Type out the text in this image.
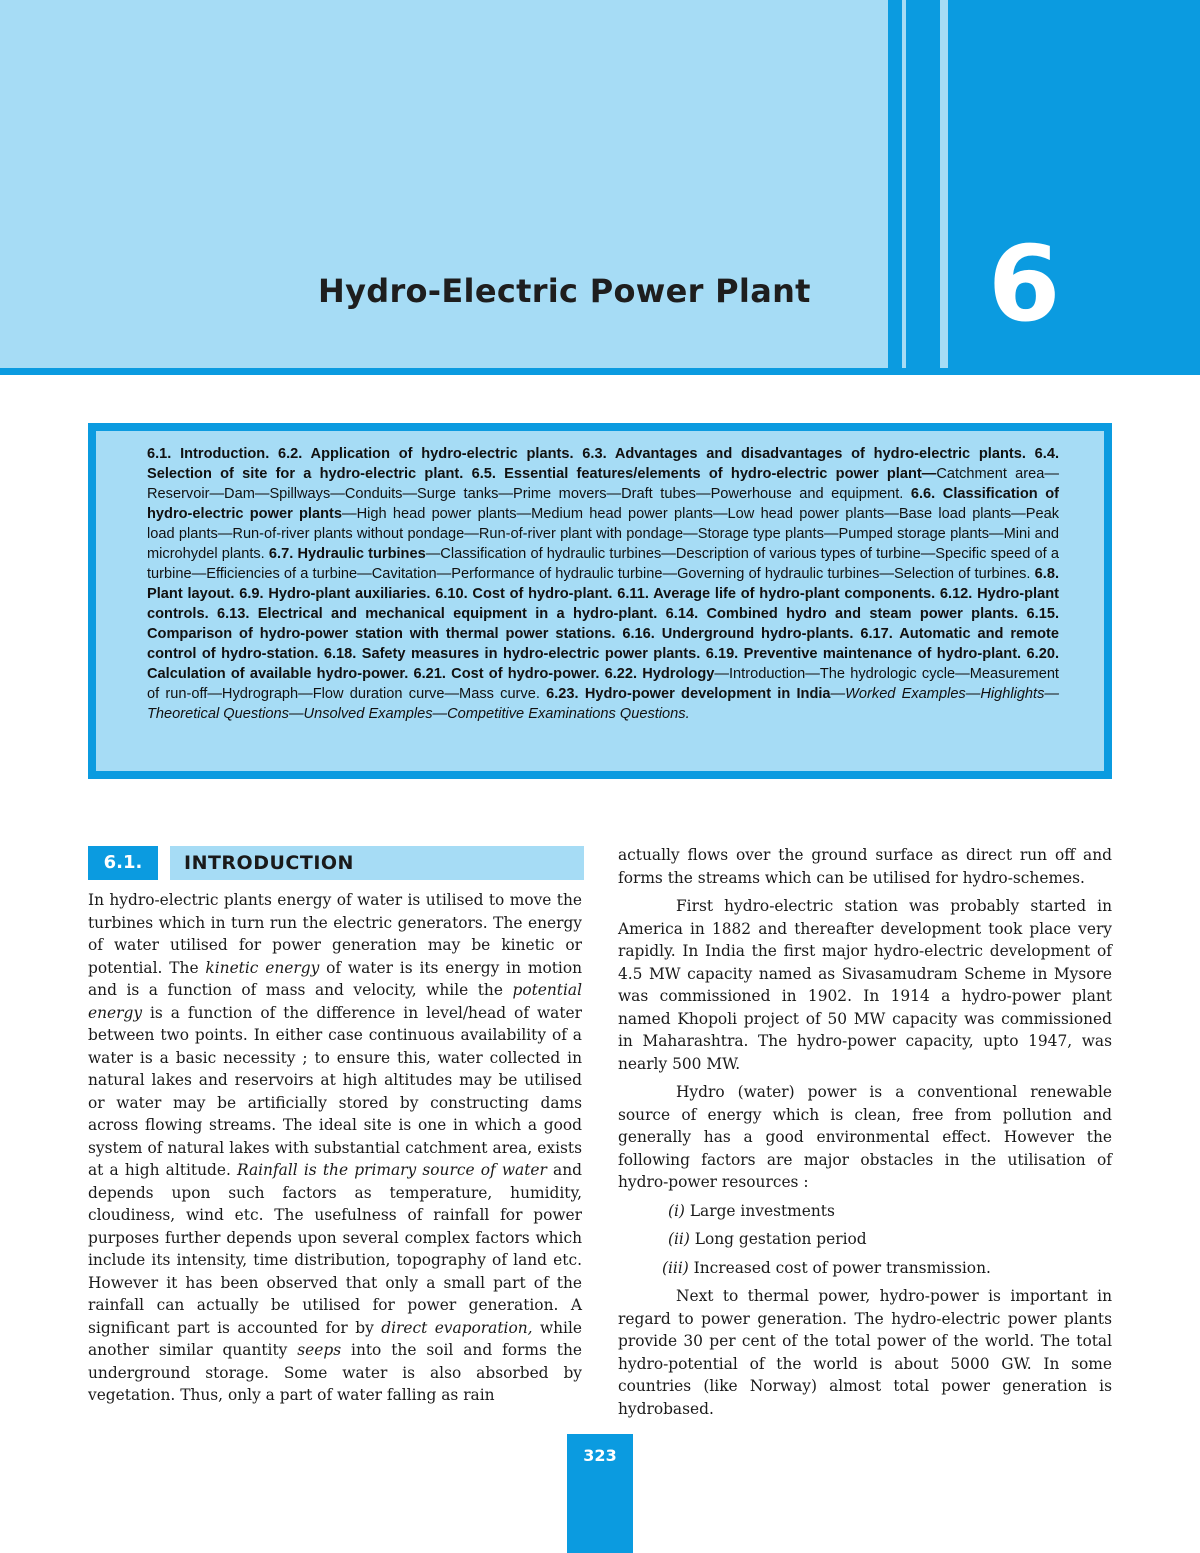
Hydro-Electric Power Plant	6
6.1. Introduction. 6.2. Application of hydro-electric plants. 6.3. Advantages and disadvantages of hydro-electric plants. 6.4. Selection of site for a hydro-electric plant. 6.5. Essential features/elements of hydro-electric power plant—Catchment area—Reservoir—Dam—Spillways—Conduits—Surge tanks—Prime movers—Draft tubes—Powerhouse and equipment. 6.6. Classification of hydro-electric power plants—High head power plants—Medium head power plants—Low head power plants—Base load plants—Peak load plants—Run-of-river plants without pondage—Run-of-river plant with pondage—Storage type plants—Pumped storage plants—Mini and microhydel plants. 6.7. Hydraulic turbines—Classification of hydraulic turbines—Description of various types of turbine—Specific speed of a turbine—Efficiencies of a turbine—Cavitation—Performance of hydraulic turbine—Governing of hydraulic turbines—Selection of turbines. 6.8. Plant layout. 6.9. Hydro-plant auxiliaries. 6.10. Cost of hydro-plant. 6.11. Average life of hydro-plant components. 6.12. Hydro-plant controls. 6.13. Electrical and mechanical equipment in a hydro-plant. 6.14. Combined hydro and steam power plants. 6.15. Comparison of hydro-power station with thermal power stations. 6.16. Underground hydro-plants. 6.17. Automatic and remote control of hydro-station. 6.18. Safety measures in hydro-electric power plants. 6.19. Preventive maintenance of hydro-plant. 6.20. Calculation of available hydro-power. 6.21. Cost of hydro-power. 6.22. Hydrology—Introduction—The hydrologic cycle—Measurement of run-off—Hydrograph—Flow duration curve—Mass curve. 6.23. Hydro-power development in India—Worked Examples—Highlights—Theoretical Questions—Unsolved Examples—Competitive Examinations Questions.
6.1.	INTRODUCTION

In hydro-electric plants energy of water is utilised to move the turbines which in turn run the electric generators. The energy of water utilised for power generation may be kinetic or potential. The kinetic energy of water is its energy in motion and is a function of mass and velocity, while the potential energy is a function of the difference in level/head of water between two points. In either case continuous availability of a water is a basic necessity ; to ensure this, water collected in natural lakes and reservoirs at high altitudes may be utilised or water may be artificially stored by constructing dams across flowing streams. The ideal site is one in which a good system of natural lakes with substantial catchment area, exists at a high altitude. Rainfall is the primary source of water and depends upon such factors as temperature, humidity, cloudiness, wind etc. The usefulness of rainfall for power purposes further depends upon several complex factors which include its intensity, time distribution, topography of land etc. However it has been observed that only a small part of the rainfall can actually be utilised for power generation. A significant part is accounted for by direct evaporation, while another similar quantity seeps into the soil and forms the underground storage. Some water is also absorbed by vegetation. Thus, only a part of water falling as rain

actually flows over the ground surface as direct run off and forms the streams which can be utilised for hydro-schemes.

First hydro-electric station was probably started in America in 1882 and thereafter development took place very rapidly. In India the first major hydro-electric development of 4.5 MW capacity named as Sivasamudram Scheme in Mysore was commissioned in 1902. In 1914 a hydro-power plant named Khopoli project of 50 MW capacity was commissioned in Maharashtra. The hydro-power capacity, upto 1947, was nearly 500 MW.

Hydro (water) power is a conventional renewable source of energy which is clean, free from pollution and generally has a good environmental effect. However the following factors are major obstacles in the utilisation of hydro-power resources :

(i) Large investments

(ii) Long gestation period

(iii) Increased cost of power transmission.

Next to thermal power, hydro-power is important in regard to power generation. The hydro-electric power plants provide 30 per cent of the total power of the world. The total hydro-potential of the world is about 5000 GW. In some countries (like Norway) almost total power generation is hydrobased.

323
